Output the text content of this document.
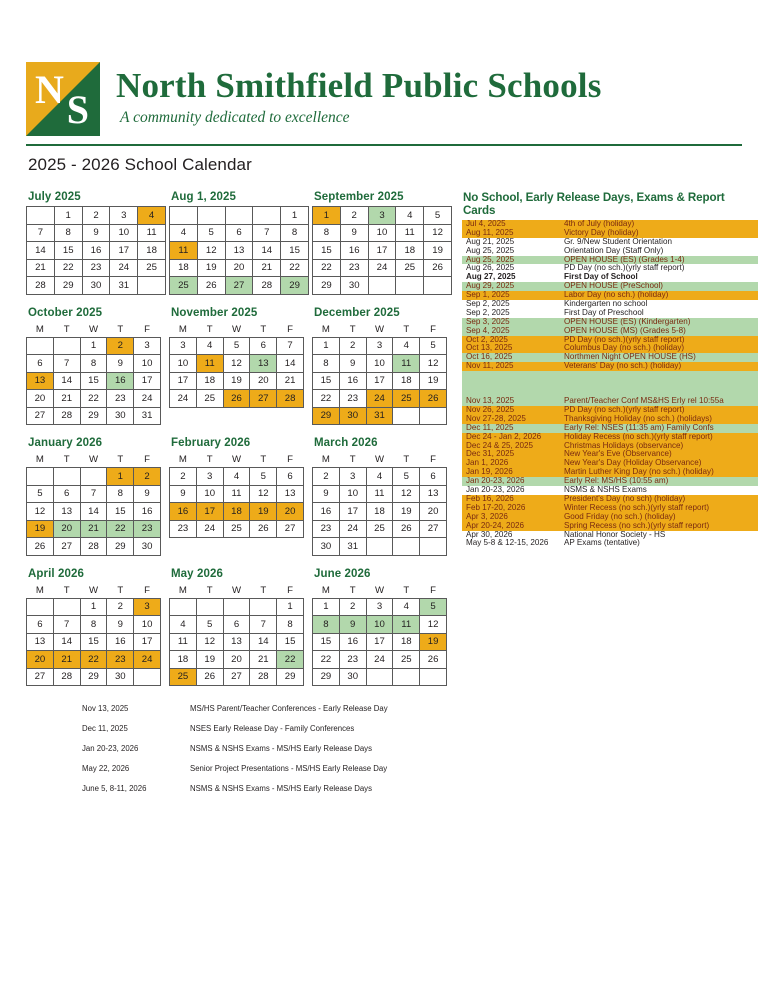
N S
North Smithfield Public Schools
A community dedicated to excellence
2025 - 2026 School Calendar
July 2025
	1	2	3	4
7	8	9	10	11
14	15	16	17	18
21	22	23	24	25
28	29	30	31	
Aug 1, 2025
				1
4	5	6	7	8
11	12	13	14	15
18	19	20	21	22
25	26	27	28	29
September 2025
1	2	3	4	5
8	9	10	11	12
15	16	17	18	19
22	23	24	25	26
29	30			
October 2025
M	T	W	T	F
		1	2	3
6	7	8	9	10
13	14	15	16	17
20	21	22	23	24
27	28	29	30	31
November 2025
M	T	W	T	F
3	4	5	6	7
10	11	12	13	14
17	18	19	20	21
24	25	26	27	28
December 2025
M	T	W	T	F
1	2	3	4	5
8	9	10	11	12
15	16	17	18	19
22	23	24	25	26
29	30	31		
January 2026
M	T	W	T	F
			1	2
5	6	7	8	9
12	13	14	15	16
19	20	21	22	23
26	27	28	29	30
February 2026
M	T	W	T	F
2	3	4	5	6
9	10	11	12	13
16	17	18	19	20
23	24	25	26	27
March 2026
M	T	W	T	F
2	3	4	5	6
9	10	11	12	13
16	17	18	19	20
23	24	25	26	27
30	31			
April 2026
M	T	W	T	F
		1	2	3
6	7	8	9	10
13	14	15	16	17
20	21	22	23	24
27	28	29	30	
May 2026
M	T	W	T	F
				1
4	5	6	7	8
11	12	13	14	15
18	19	20	21	22
25	26	27	28	29
June 2026
M	T	W	T	F
1	2	3	4	5
8	9	10	11	12
15	16	17	18	19
22	23	24	25	26
29	30			
Nov 13, 2025	MS/HS Parent/Teacher Conferences - Early Release Day
Dec 11, 2025	NSES Early Release Day - Family Conferences
Jan 20-23, 2026	NSMS & NSHS Exams - MS/HS Early Release Days
May 22, 2026	Senior Project Presentations - MS/HS Early Release Day
June 5, 8-11, 2026	NSMS & NSHS Exams - MS/HS Early Release Days
No School, Early Release Days, Exams & Report Cards
Jul 4, 2025	4th of July (holiday)
Aug 11, 2025	Victory Day (holiday)
Aug 21, 2025	Gr. 9/New Student Orientation
Aug 25, 2025	Orientation Day (Staff Only)
Aug 25, 2025	OPEN HOUSE (ES) (Grades 1-4)
Aug 26, 2025	PD Day (no sch.)(yrly staff report)
Aug 27, 2025	First Day of School
Aug 29, 2025	OPEN HOUSE (PreSchool)
Sep 1, 2025	Labor Day (no sch.) (holiday)
Sep 2, 2025	Kindergarten no school
Sep 2, 2025	First Day of Preschool
Sep 3, 2025	OPEN HOUSE (ES) (Kindergarten)
Sep 4, 2025	OPEN HOUSE (MS) (Grades 5-8)
Oct 2, 2025	PD Day (no sch.)(yrly staff report)
Oct 13, 2025	Columbus Day (no sch.) (holiday)
Oct 16, 2025	Northmen Night OPEN HOUSE (HS)
Nov 11, 2025	Veterans' Day (no sch.) (holiday)

Nov 13, 2025	Parent/Teacher Conf MS&HS Erly rel 10:55a
Nov 26, 2025	PD Day (no sch.)(yrly staff report)
Nov 27-28, 2025	Thanksgiving Holiday (no sch.) (holidays)
Dec 11, 2025	Early Rel: NSES (11:35 am) Family Confs
Dec 24 - Jan 2, 2026	Holiday Recess (no sch.)(yrly staff report)
Dec 24 & 25, 2025	Christmas Holidays (observance)
Dec 31, 2025	New Year's Eve (Observance)
Jan 1, 2026	New Year's Day (Holiday Observance)
Jan 19, 2026	Martin Luther King Day (no sch.) (holiday)
Jan 20-23, 2026	Early Rel: MS/HS (10:55 am)
Jan 20-23, 2026	NSMS & NSHS Exams
Feb 16, 2026	President's Day (no sch) (holiday)
Feb 17-20, 2026	Winter Recess (no sch.)(yrly staff report)
Apr 3, 2026	Good Friday (no sch.) (holiday)
Apr 20-24, 2026	Spring Recess (no sch.)(yrly staff report)
Apr 30, 2026	National Honor Society - HS
May 5-8 & 12-15, 2026	AP Exams (tentative)
